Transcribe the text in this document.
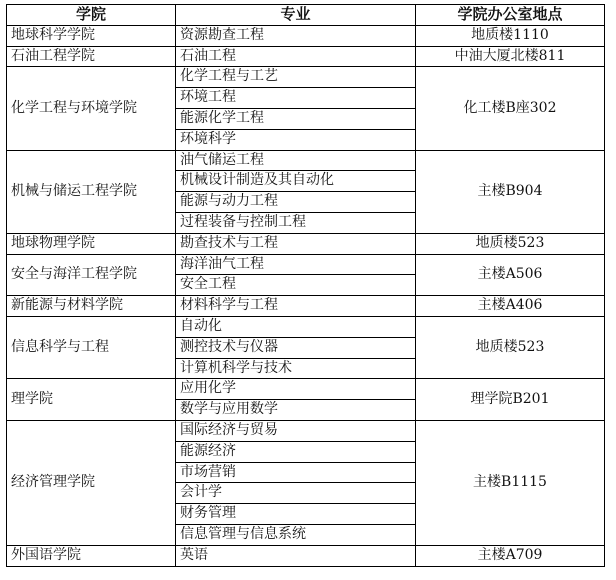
学院	专业	学院办公室地点
地球科学学院	资源勘查工程	地质楼1110
石油工程学院	石油工程	中油大厦北楼811
化学工程与环境学院	化学工程与工艺	化工楼B座302
	环境工程	
	能源化学工程	
	环境科学	
机械与储运工程学院	油气储运工程	主楼B904
	机械设计制造及其自动化	
	能源与动力工程	
	过程装备与控制工程	
地球物理学院	勘查技术与工程	地质楼523
安全与海洋工程学院	海洋油气工程	主楼A506
	安全工程	
新能源与材料学院	材料科学与工程	主楼A406
信息科学与工程	自动化	地质楼523
	测控技术与仪器	
	计算机科学与技术	
理学院	应用化学	理学院B201
	数学与应用数学	
经济管理学院	国际经济与贸易	主楼B1115
	能源经济	
	市场营销	
	会计学	
	财务管理	
	信息管理与信息系统	
外国语学院	英语	主楼A709
